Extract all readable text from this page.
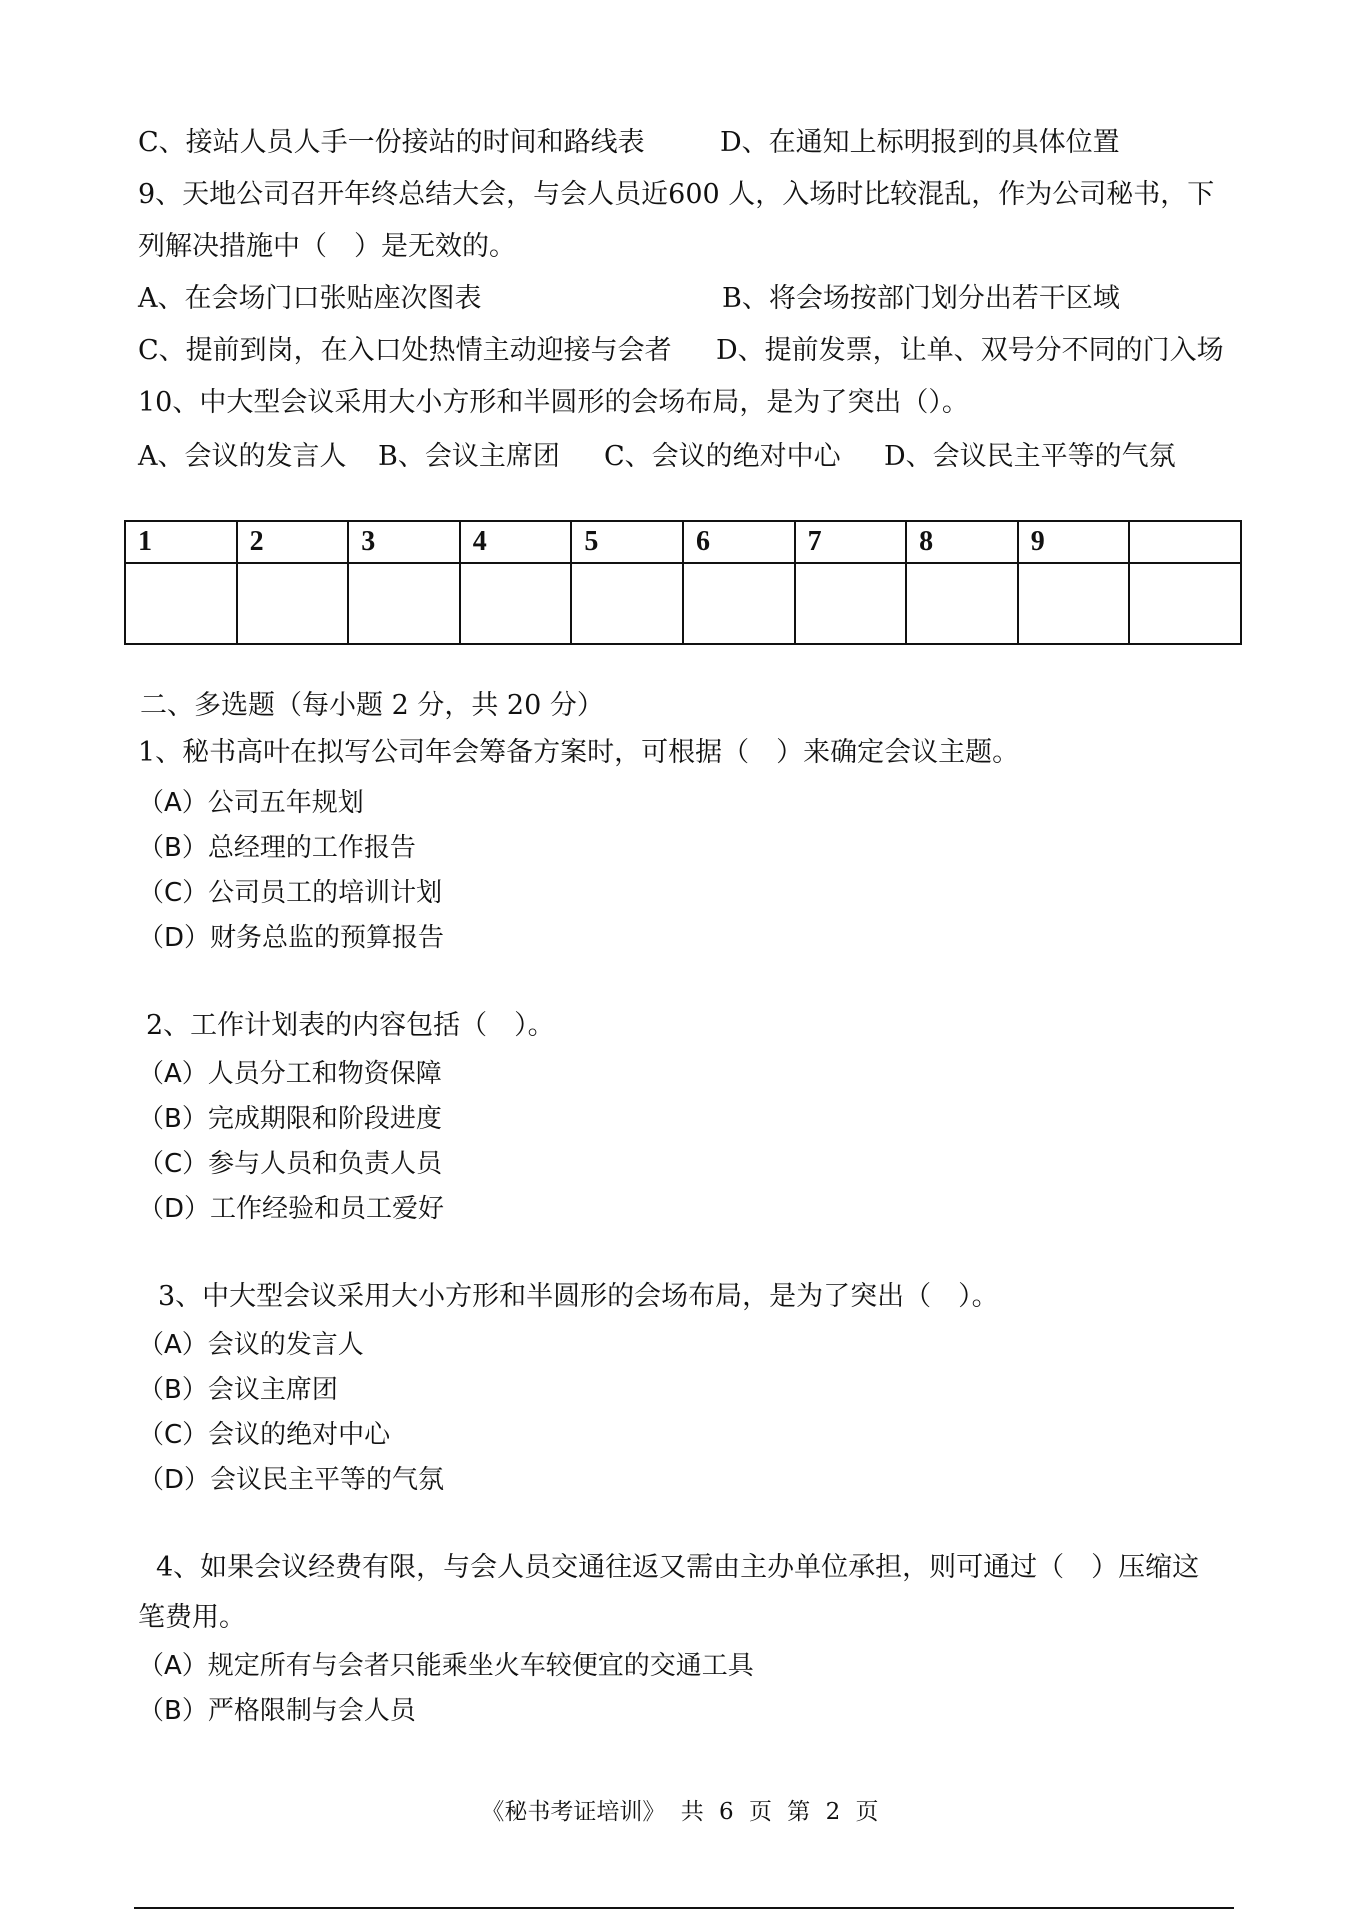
C、接站人员人手一份接站的时间和路线表	D、在通知上标明报到的具体位置
9、天地公司召开年终总结大会，与会人员近600 人，入场时比较混乱，作为公司秘书，下
列解决措施中（　）是无效的。
A、在会场门口张贴座次图表	B、将会场按部门划分出若干区域
C、提前到岗，在入口处热情主动迎接与会者 D、提前发票，让单、双号分不同的门入场
10、中大型会议采用大小方形和半圆形的会场布局，是为了突出（）。
A、会议的发言人 B、会议主席团 C、会议的绝对中心 D、会议民主平等的气氛
1	2	3	4	5	6	7	8	9	

二、多选题（每小题 2 分，共 20 分）
1、秘书高叶在拟写公司年会筹备方案时，可根据（　）来确定会议主题。
（A）公司五年规划
（B）总经理的工作报告
（C）公司员工的培训计划
（D）财务总监的预算报告
2、工作计划表的内容包括（　）。
（A）人员分工和物资保障
（B）完成期限和阶段进度
（C）参与人员和负责人员
（D）工作经验和员工爱好
3、中大型会议采用大小方形和半圆形的会场布局，是为了突出（　）。
（A）会议的发言人
（B）会议主席团
（C）会议的绝对中心
（D）会议民主平等的气氛
4、如果会议经费有限，与会人员交通往返又需由主办单位承担，则可通过（　）压缩这
笔费用。
（A）规定所有与会者只能乘坐火车较便宜的交通工具
（B）严格限制与会人员
《秘书考证培训》 共 6 页 第 2 页
